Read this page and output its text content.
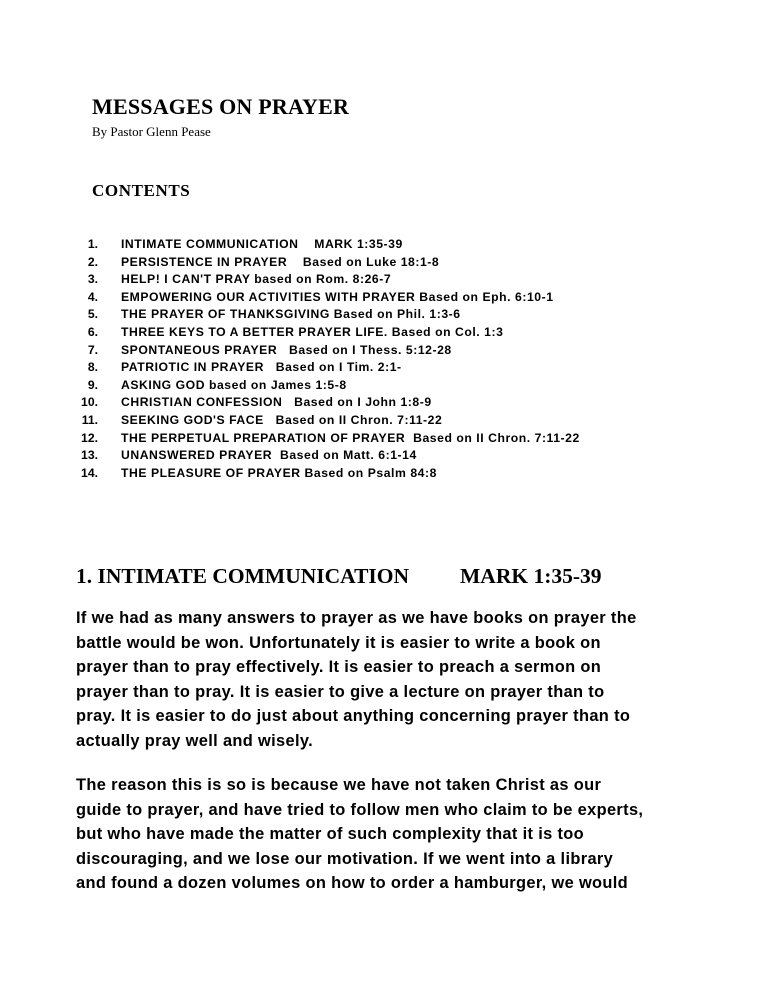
MESSAGES ON PRAYER

By Pastor Glenn Pease

CONTENTS
1. INTIMATE COMMUNICATION    MARK 1:35-39
2. PERSISTENCE IN PRAYER    Based on Luke 18:1-8
3. HELP! I CAN'T PRAY based on Rom. 8:26-7
4. EMPOWERING OUR ACTIVITIES WITH PRAYER Based on Eph. 6:10-1
5. THE PRAYER OF THANKSGIVING Based on Phil. 1:3-6
6. THREE KEYS TO A BETTER PRAYER LIFE. Based on Col. 1:3
7. SPONTANEOUS PRAYER   Based on I Thess. 5:12-28
8. PATRIOTIC IN PRAYER   Based on I Tim. 2:1-
9. ASKING GOD based on James 1:5-8
10. CHRISTIAN CONFESSION   Based on I John 1:8-9
11. SEEKING GOD'S FACE   Based on II Chron. 7:11-22
12. THE PERPETUAL PREPARATION OF PRAYER  Based on II Chron. 7:11-22
13. UNANSWERED PRAYER  Based on Matt. 6:1-14
14. THE PLEASURE OF PRAYER Based on Psalm 84:8
1. INTIMATE COMMUNICATION MARK 1:35-39

If we had as many answers to prayer as we have books on prayer the
battle would be won. Unfortunately it is easier to write a book on
prayer than to pray effectively. It is easier to preach a sermon on
prayer than to pray. It is easier to give a lecture on prayer than to
pray. It is easier to do just about anything concerning prayer than to
actually pray well and wisely.

The reason this is so is because we have not taken Christ as our
guide to prayer, and have tried to follow men who claim to be experts,
but who have made the matter of such complexity that it is too
discouraging, and we lose our motivation. If we went into a library
and found a dozen volumes on how to order a hamburger, we would
